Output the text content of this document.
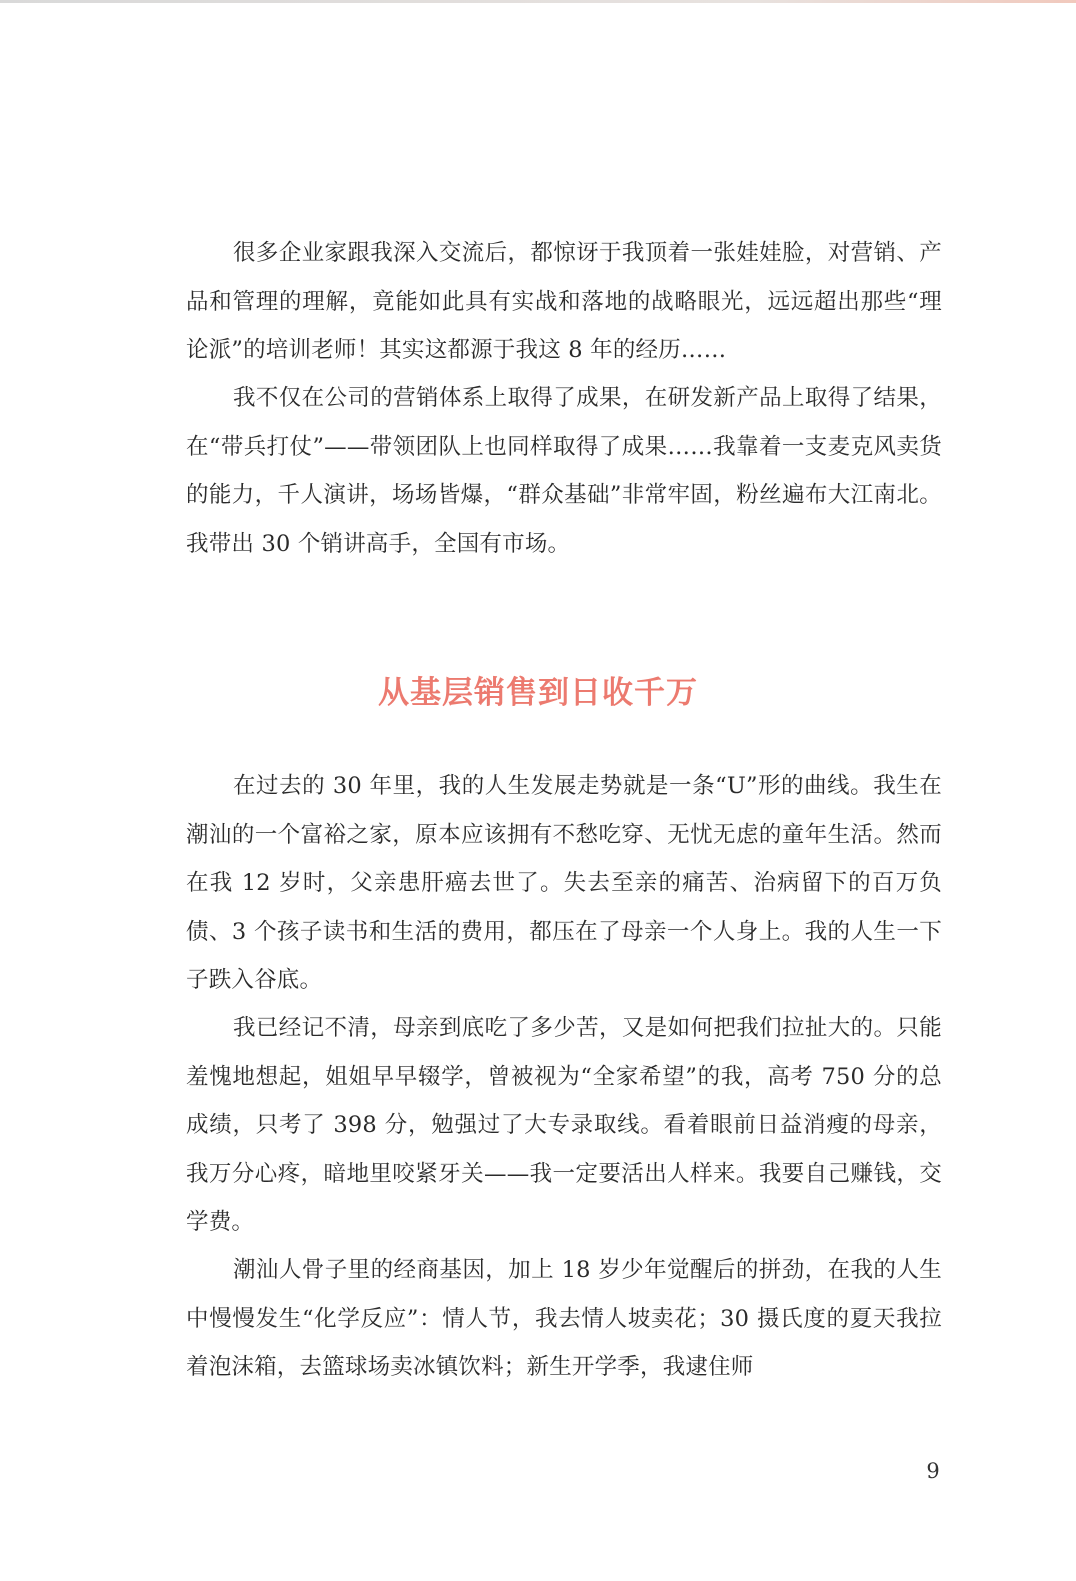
很多企业家跟我深入交流后，都惊讶于我顶着一张娃娃脸，对营销、产品和管理的理解，竟能如此具有实战和落地的战略眼光，远远超出那些“理论派”的培训老师！其实这都源于我这 8 年的经历……

我不仅在公司的营销体系上取得了成果，在研发新产品上取得了结果，在“带兵打仗”——带领团队上也同样取得了成果……我靠着一支麦克风卖货的能力，千人演讲，场场皆爆，“群众基础”非常牢固，粉丝遍布大江南北。我带出 30 个销讲高手，全国有市场。

从基层销售到日收千万

在过去的 30 年里，我的人生发展走势就是一条“U”形的曲线。我生在潮汕的一个富裕之家，原本应该拥有不愁吃穿、无忧无虑的童年生活。然而在我 12 岁时，父亲患肝癌去世了。失去至亲的痛苦、治病留下的百万负债、3 个孩子读书和生活的费用，都压在了母亲一个人身上。我的人生一下子跌入谷底。

我已经记不清，母亲到底吃了多少苦，又是如何把我们拉扯大的。只能羞愧地想起，姐姐早早辍学，曾被视为“全家希望”的我，高考 750 分的总成绩，只考了 398 分，勉强过了大专录取线。看着眼前日益消瘦的母亲，我万分心疼，暗地里咬紧牙关——我一定要活出人样来。我要自己赚钱，交学费。

潮汕人骨子里的经商基因，加上 18 岁少年觉醒后的拼劲，在我的人生中慢慢发生“化学反应”：情人节，我去情人坡卖花；30 摄氏度的夏天我拉着泡沫箱，去篮球场卖冰镇饮料；新生开学季，我逮住师

9
